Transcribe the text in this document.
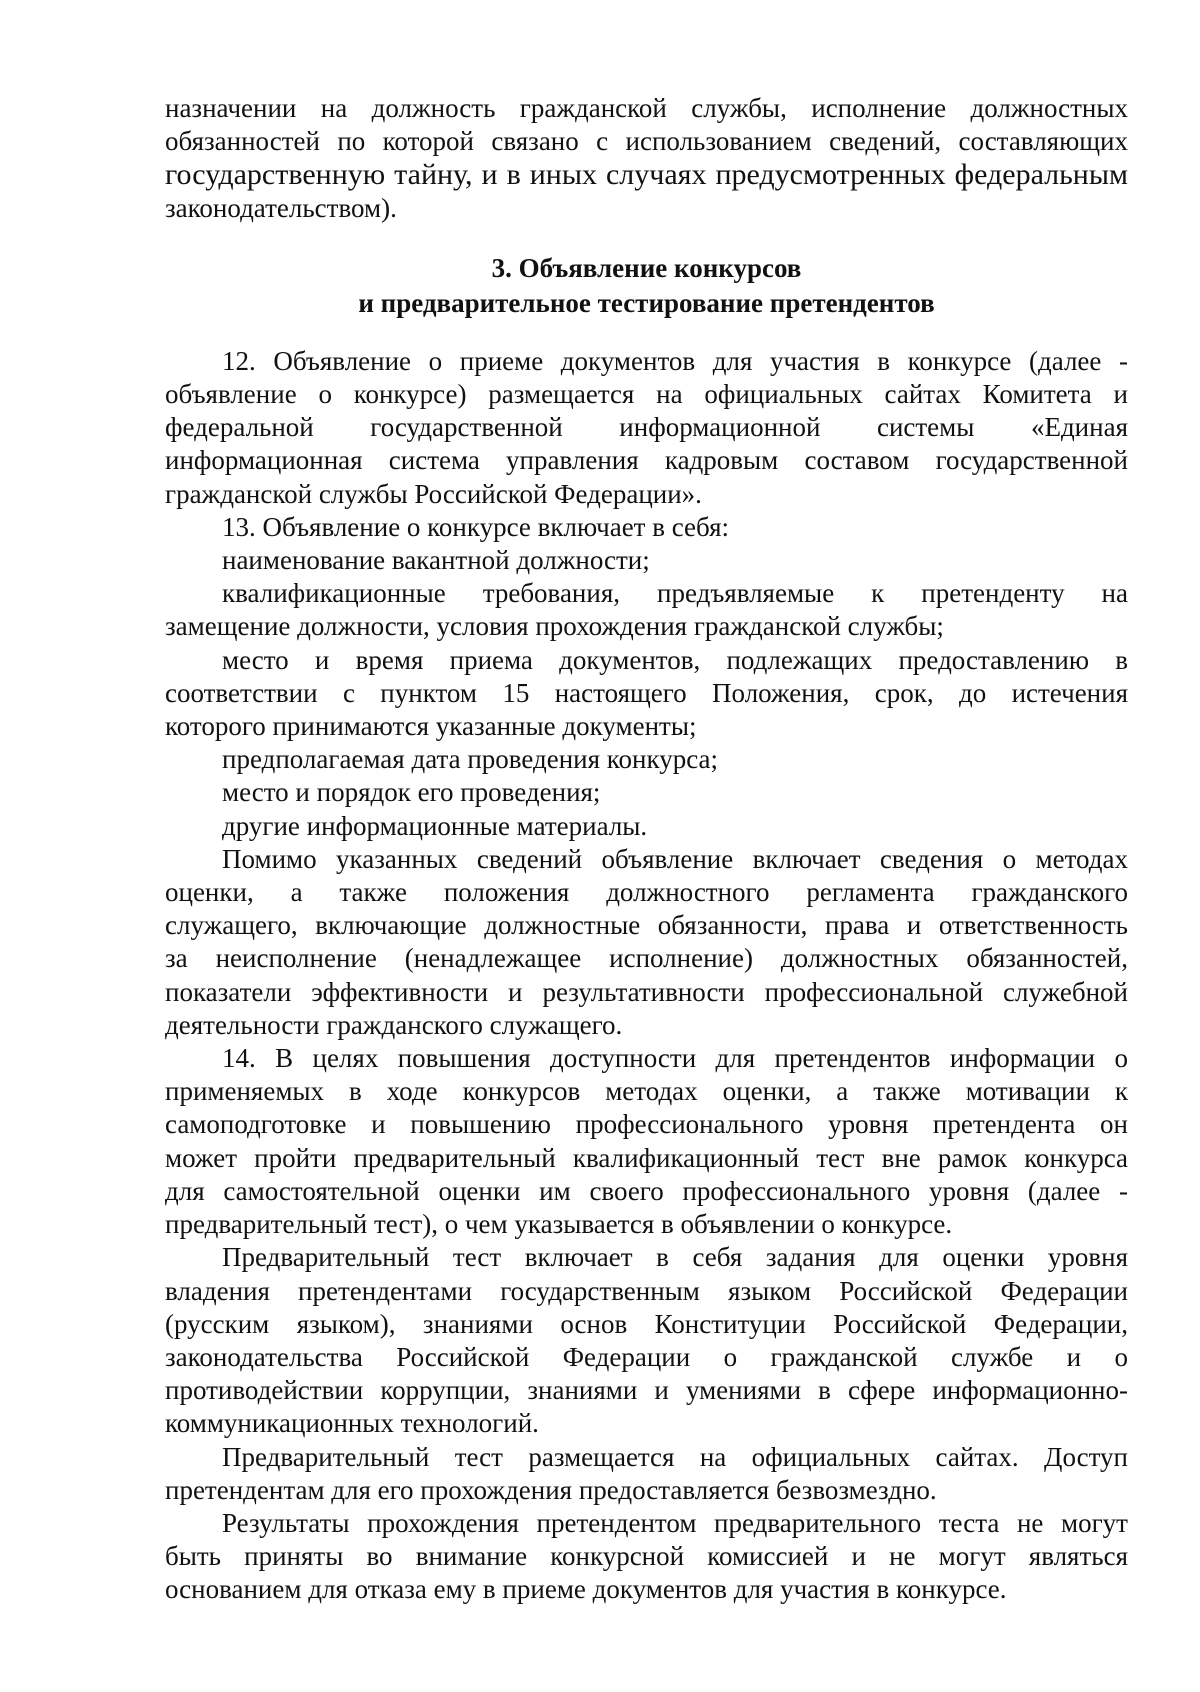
назначении на должность гражданской службы, исполнение должностных
обязанностей по которой связано с использованием сведений, составляющих
государственную тайну, и в иных случаях предусмотренных федеральным
законодательством).
3. Объявление конкурсов
и предварительное тестирование претендентов
12. Объявление о приеме документов для участия в конкурсе (далее -
объявление о конкурсе) размещается на официальных сайтах Комитета и
федеральной государственной информационной системы «Единая
информационная система управления кадровым составом государственной
гражданской службы Российской Федерации».
13. Объявление о конкурсе включает в себя:
наименование вакантной должности;
квалификационные требования, предъявляемые к претенденту на
замещение должности, условия прохождения гражданской службы;
место и время приема документов, подлежащих предоставлению в
соответствии с пунктом 15 настоящего Положения, срок, до истечения
которого принимаются указанные документы;
предполагаемая дата проведения конкурса;
место и порядок его проведения;
другие информационные материалы.
Помимо указанных сведений объявление включает сведения о методах
оценки, а также положения должностного регламента гражданского
служащего, включающие должностные обязанности, права и ответственность
за неисполнение (ненадлежащее исполнение) должностных обязанностей,
показатели эффективности и результативности профессиональной служебной
деятельности гражданского служащего.
14. В целях повышения доступности для претендентов информации о
применяемых в ходе конкурсов методах оценки, а также мотивации к
самоподготовке и повышению профессионального уровня претендента он
может пройти предварительный квалификационный тест вне рамок конкурса
для самостоятельной оценки им своего профессионального уровня (далее -
предварительный тест), о чем указывается в объявлении о конкурсе.
Предварительный тест включает в себя задания для оценки уровня
владения претендентами государственным языком Российской Федерации
(русским языком), знаниями основ Конституции Российской Федерации,
законодательства Российской Федерации о гражданской службе и о
противодействии коррупции, знаниями и умениями в сфере информационно-
коммуникационных технологий.
Предварительный тест размещается на официальных сайтах. Доступ
претендентам для его прохождения предоставляется безвозмездно.
Результаты прохождения претендентом предварительного теста не могут
быть приняты во внимание конкурсной комиссией и не могут являться
основанием для отказа ему в приеме документов для участия в конкурсе.
